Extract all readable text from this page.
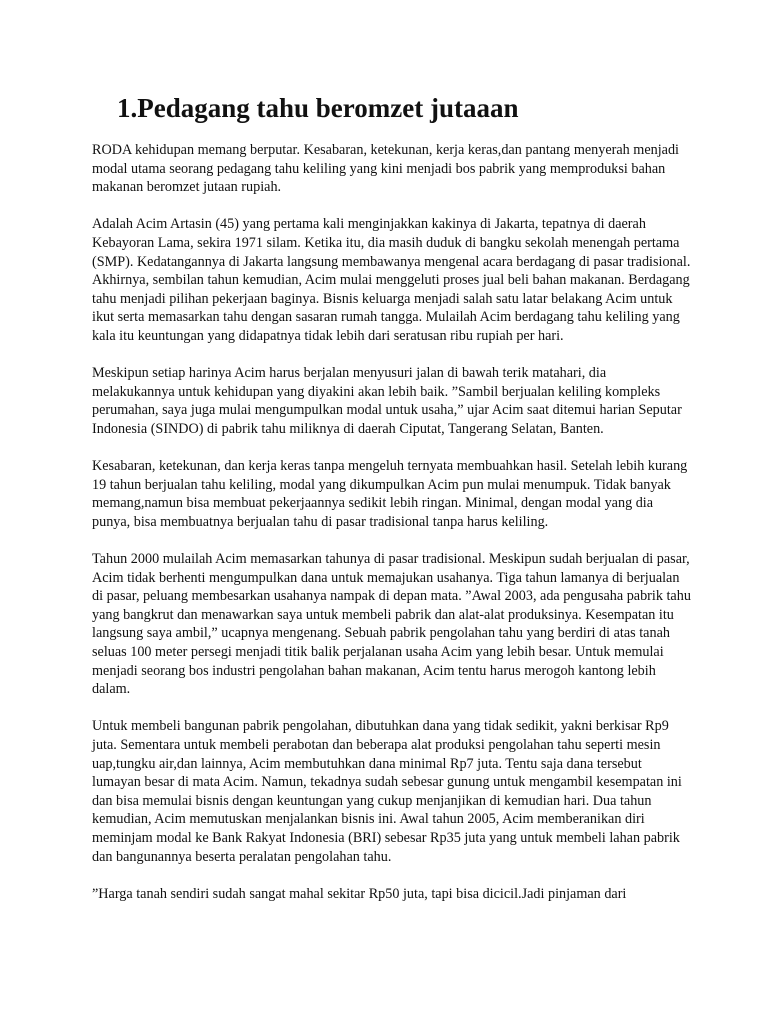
1.Pedagang tahu beromzet jutaaan

RODA kehidupan memang berputar. Kesabaran, ketekunan, kerja keras,dan pantang menyerah menjadi modal utama seorang pedagang tahu keliling yang kini menjadi bos pabrik yang memproduksi bahan makanan beromzet jutaan rupiah.

Adalah Acim Artasin (45) yang pertama kali menginjakkan kakinya di Jakarta, tepatnya di daerah Kebayoran Lama, sekira 1971 silam. Ketika itu, dia masih duduk di bangku sekolah menengah pertama (SMP). Kedatangannya di Jakarta langsung membawanya mengenal acara berdagang di pasar tradisional. Akhirnya, sembilan tahun kemudian, Acim mulai menggeluti proses jual beli bahan makanan. Berdagang tahu menjadi pilihan pekerjaan baginya. Bisnis keluarga menjadi salah satu latar belakang Acim untuk ikut serta memasarkan tahu dengan sasaran rumah tangga. Mulailah Acim berdagang tahu keliling yang kala itu keuntungan yang didapatnya tidak lebih dari seratusan ribu rupiah per hari.

Meskipun setiap harinya Acim harus berjalan menyusuri jalan di bawah terik matahari, dia melakukannya untuk kehidupan yang diyakini akan lebih baik. ”Sambil berjualan keliling kompleks perumahan, saya juga mulai mengumpulkan modal untuk usaha,” ujar Acim saat ditemui harian Seputar Indonesia (SINDO) di pabrik tahu miliknya di daerah Ciputat, Tangerang Selatan, Banten.

Kesabaran, ketekunan, dan kerja keras tanpa mengeluh ternyata membuahkan hasil. Setelah lebih kurang 19 tahun berjualan tahu keliling, modal yang dikumpulkan Acim pun mulai menumpuk. Tidak banyak memang,namun bisa membuat pekerjaannya sedikit lebih ringan. Minimal, dengan modal yang dia punya, bisa membuatnya berjualan tahu di pasar tradisional tanpa harus keliling.

Tahun 2000 mulailah Acim memasarkan tahunya di pasar tradisional. Meskipun sudah berjualan di pasar, Acim tidak berhenti mengumpulkan dana untuk memajukan usahanya. Tiga tahun lamanya di berjualan di pasar, peluang membesarkan usahanya nampak di depan mata. ”Awal 2003, ada pengusaha pabrik tahu yang bangkrut dan menawarkan saya untuk membeli pabrik dan alat-alat produksinya. Kesempatan itu langsung saya ambil,” ucapnya mengenang. Sebuah pabrik pengolahan tahu yang berdiri di atas tanah seluas 100 meter persegi menjadi titik balik perjalanan usaha Acim yang lebih besar. Untuk memulai menjadi seorang bos industri pengolahan bahan makanan, Acim tentu harus merogoh kantong lebih dalam.

Untuk membeli bangunan pabrik pengolahan, dibutuhkan dana yang tidak sedikit, yakni berkisar Rp9 juta. Sementara untuk membeli perabotan dan beberapa alat produksi pengolahan tahu seperti mesin uap,tungku air,dan lainnya, Acim membutuhkan dana minimal Rp7 juta. Tentu saja dana tersebut lumayan besar di mata Acim. Namun, tekadnya sudah sebesar gunung untuk mengambil kesempatan ini dan bisa memulai bisnis dengan keuntungan yang cukup menjanjikan di kemudian hari. Dua tahun kemudian, Acim memutuskan menjalankan bisnis ini. Awal tahun 2005, Acim memberanikan diri meminjam modal ke Bank Rakyat Indonesia (BRI) sebesar Rp35 juta yang untuk membeli lahan pabrik dan bangunannya beserta peralatan pengolahan tahu.

”Harga tanah sendiri sudah sangat mahal sekitar Rp50 juta, tapi bisa dicicil.Jadi pinjaman dari
